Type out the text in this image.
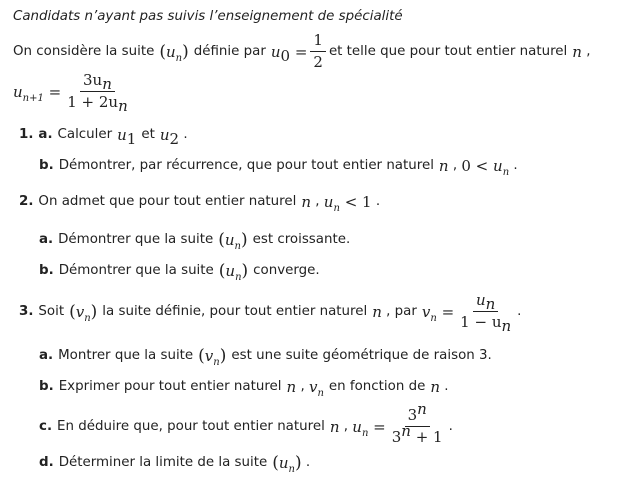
Candidats n’ayant pas suivis l’enseignement de spécialité
On considère la suite ( $u_n$ ) définie par $u_0 = \frac{1}{2}$ et telle que pour tout entier naturel n ,
$u_{n+1} = \frac{3u_n}{1 + 2u_n}$
1. a. Calculer $u_1$ et $u_2$ .
b. Démontrer, par récurrence, que pour tout entier naturel n , $0 < u_n$ .
2. On admet que pour tout entier naturel n , $u_n < 1$ .
a. Démontrer que la suite ( $u_n$ ) est croissante.
b. Démontrer que la suite ( $u_n$ ) converge.
3. Soit ( $v_n$ ) la suite définie, pour tout entier naturel n , par $v_n = \frac{u_n}{1 - u_n}$ .
a. Montrer que la suite ( $v_n$ ) est une suite géométrique de raison 3.
b. Exprimer pour tout entier naturel n , $v_n$ en fonction de n .
c. En déduire que, pour tout entier naturel n , $u_n = \frac{3^n}{3^n + 1}$ .
d. Déterminer la limite de la suite ( $u_n$ ) .
